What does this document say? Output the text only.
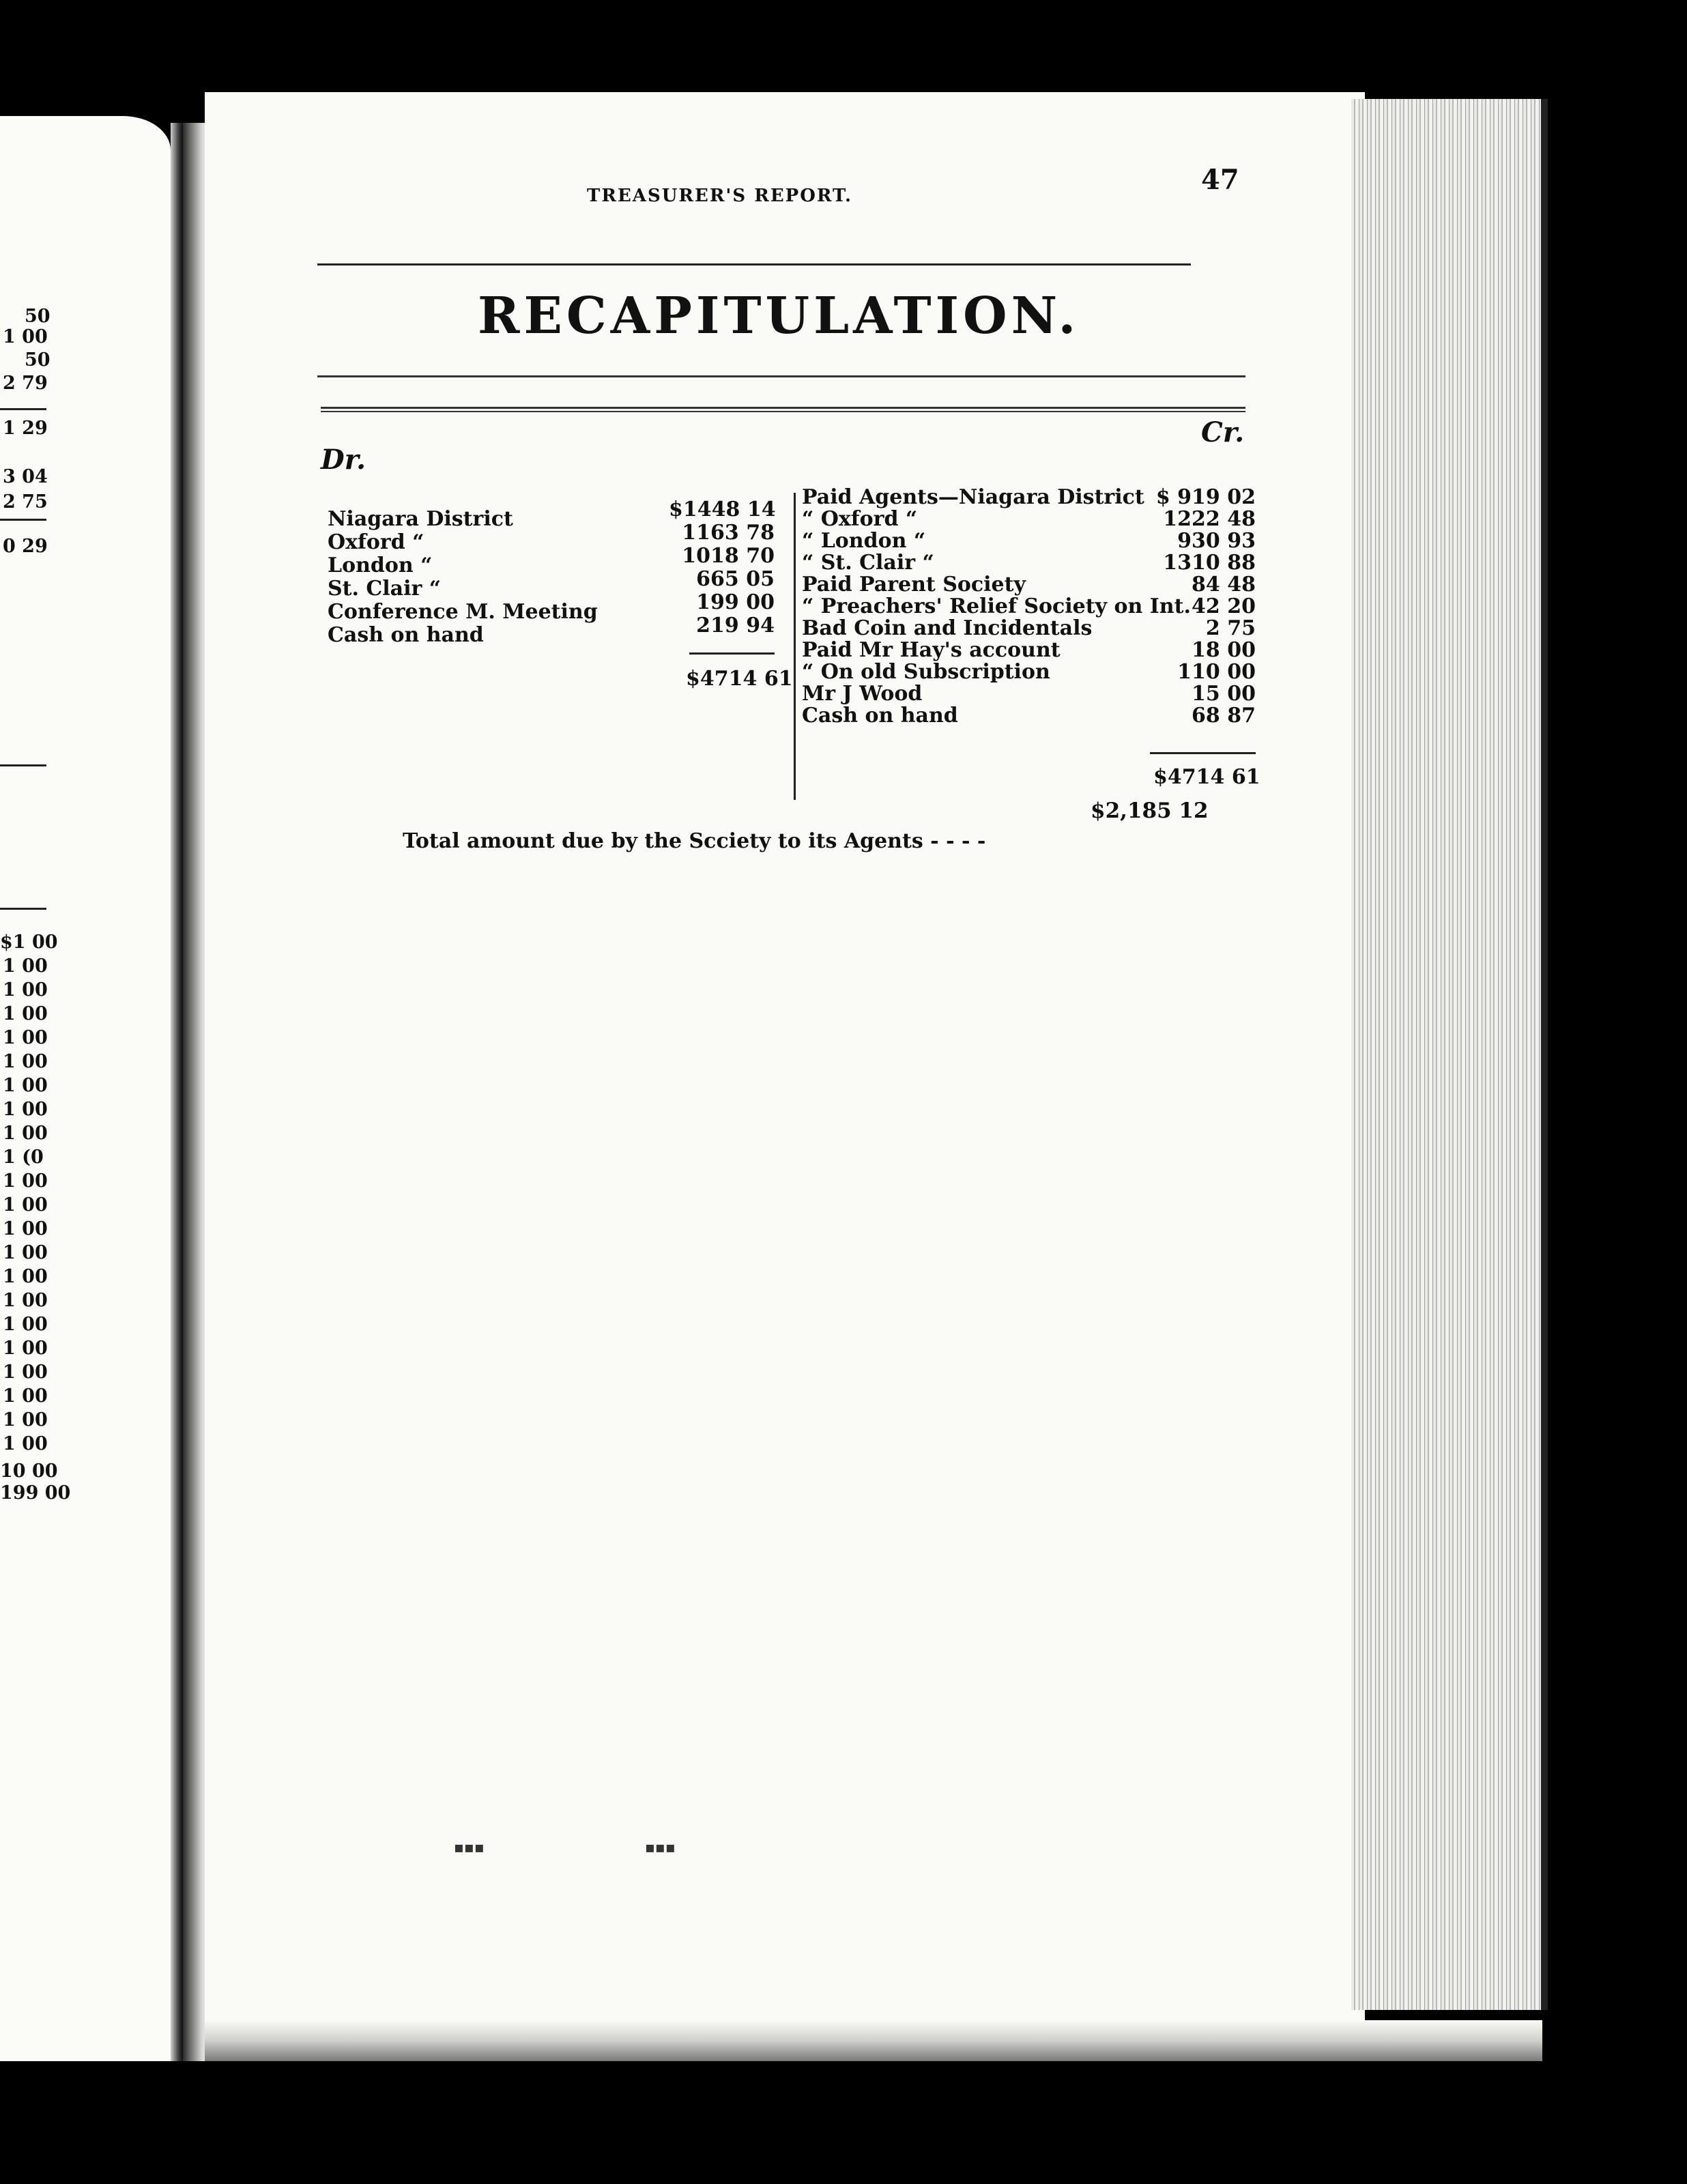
50
1 00
50
2 79
1 29
3 04
2 75
0 29
$1 00
1 00
1 00
1 00
1 00
1 00
1 00
1 00
1 00
1 (0
1 00
1 00
1 00
1 00
1 00
1 00
1 00
1 00
1 00
1 00
1 00
1 00
10 00
199 00
TREASURER'S REPORT.	47
RECAPITULATION.
Dr.
Cr.
Niagara District	$1448 14
Oxford “	1163 78
London “	1018 70
St. Clair “	665 05
Conference M. Meeting	199 00
Cash on hand	219 94
$4714 61
Paid Agents—Niagara District $ 919 02
“ Oxford “	1222 48
“ London “	930 93
“ St. Clair “	1310 88
Paid Parent Society	84 48
“ Preachers' Relief Society on Int. 42 20
Bad Coin and Incidentals	2 75
Paid Mr Hay's account	18 00
“ On old Subscription	110 00
Mr J Wood	15 00
Cash on hand	68 87
$4714 61
Total amount due by the Sсciety to its Agents - - - -
$2,185 12
▪▪▪	▪▪▪
